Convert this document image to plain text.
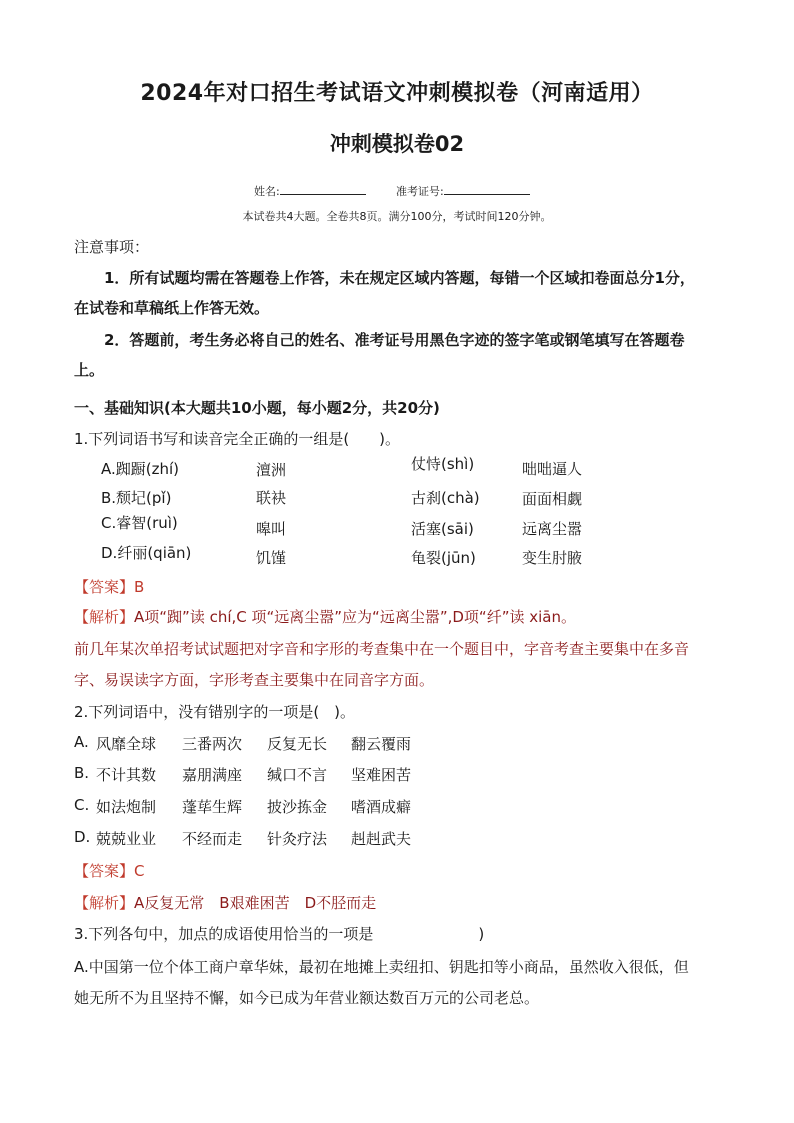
2024年对口招生考试语文冲刺模拟卷（河南适用）
冲刺模拟卷02
姓名:	准考证号:
本试卷共4大题。全卷共8页。满分100分，考试时间120分钟。
注意事项：
1．所有试题均需在答题卷上作答，未在规定区域内答题，每错一个区域扣卷面总分1分，
在试卷和草稿纸上作答无效。
2．答题前，考生务必将自己的姓名、准考证号用黑色字迹的签字笔或钢笔填写在答题卷
上。
一、基础知识(本大题共10小题，每小题2分，共20分)
1.下列词语书写和读音完全正确的一组是(　　)。
A.踟蹰(zhí)	澶洲	仗恃(shì)	咄咄逼人
B.颓圮(pǐ)	联袂	古刹(chà)	面面相觑
C.睿智(ruì)	嗥叫	活塞(sāi)	远离尘嚣
D.纤丽(qiān)	饥馑	龟裂(jūn)	变生肘腋
【答案】B
【解析】A项“踟”读 chí,C 项“远离尘嚣”应为“远离尘嚣”,D项“纤”读 xiān。
前几年某次单招考试试题把对字音和字形的考查集中在一个题目中，字音考查主要集中在多音
字、易误读字方面，字形考查主要集中在同音字方面。
2.下列词语中，没有错别字的一项是(　)。
A. 风靡全球 三番两次 反复无长 翻云覆雨
B. 不计其数 嘉朋满座 缄口不言 坚难困苦
C. 如法炮制 蓬荜生辉 披沙拣金 嗜酒成癖
D. 兢兢业业 不经而走 针灸疗法 赳赳武夫
【答案】C
【解析】A反复无常　B艰难困苦　D不胫而走
3.下列各句中，加点的成语使用恰当的一项是　　　　　　　)
A.中国第一位个体工商户章华妹，最初在地摊上卖纽扣、钥匙扣等小商品，虽然收入很低，但
她无所不为且坚持不懈，如今已成为年营业额达数百万元的公司老总。
